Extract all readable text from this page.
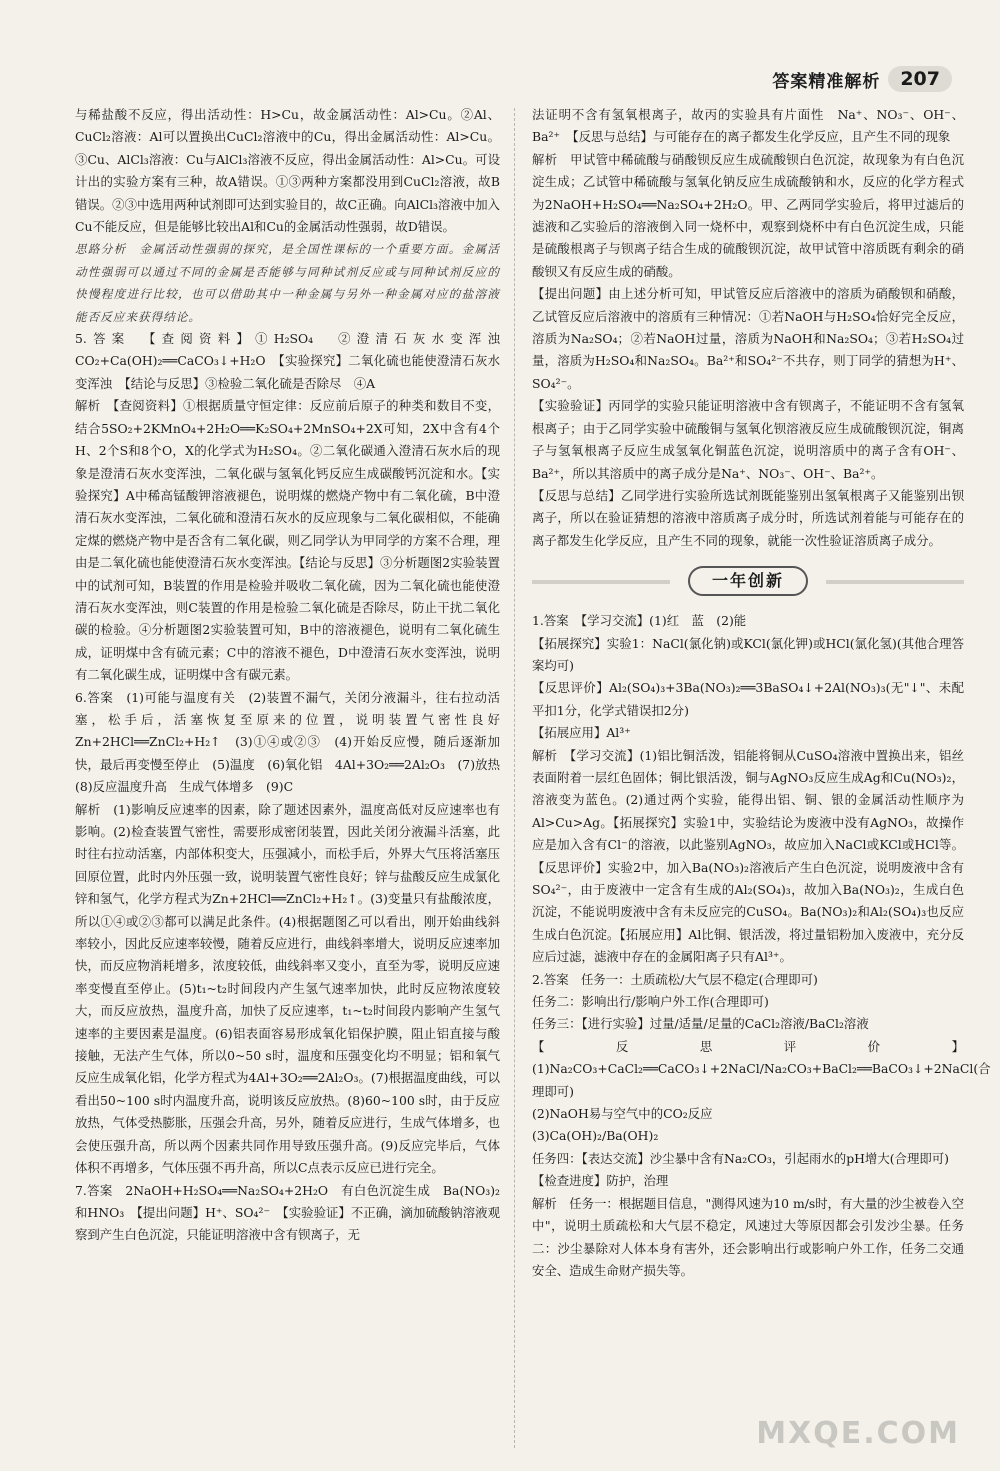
答案精准解析	207

与稀盐酸不反应，得出活动性：H>Cu，故金属活动性：Al>Cu。②Al、CuCl₂溶液：Al可以置换出CuCl₂溶液中的Cu，得出金属活动性：Al>Cu。③Cu、AlCl₃溶液：Cu与AlCl₃溶液不反应，得出金属活动性：Al>Cu。可设计出的实验方案有三种，故A错误。①③两种方案都没用到CuCl₂溶液，故B错误。②③中选用两种试剂即可达到实验目的，故C正确。向AlCl₃溶液中加入Cu不能反应，但是能够比较出Al和Cu的金属活动性强弱，故D错误。

思路分析　金属活动性强弱的探究，是全国性课标的一个重要方面。金属活动性强弱可以通过不同的金属是否能够与同种试剂反应或与同种试剂反应的快慢程度进行比较，也可以借助其中一种金属与另外一种金属对应的盐溶液能否反应来获得结论。

5.答案　【查阅资料】①H₂SO₄　②澄清石灰水变浑浊　CO₂+Ca(OH)₂══CaCO₃↓+H₂O　【实验探究】二氧化硫也能使澄清石灰水变浑浊　【结论与反思】③检验二氧化硫是否除尽　④A

解析　【查阅资料】①根据质量守恒定律：反应前后原子的种类和数目不变，结合5SO₂+2KMnO₄+2H₂O══K₂SO₄+2MnSO₄+2X可知，2X中含有4个H、2个S和8个O，X的化学式为H₂SO₄。②二氧化碳通入澄清石灰水后的现象是澄清石灰水变浑浊，二氧化碳与氢氧化钙反应生成碳酸钙沉淀和水。【实验探究】A中稀高锰酸钾溶液褪色，说明煤的燃烧产物中有二氧化硫，B中澄清石灰水变浑浊，二氧化硫和澄清石灰水的反应现象与二氧化碳相似，不能确定煤的燃烧产物中是否含有二氧化碳，则乙同学认为甲同学的方案不合理，理由是二氧化硫也能使澄清石灰水变浑浊。【结论与反思】③分析题图2实验装置中的试剂可知，B装置的作用是检验并吸收二氧化硫，因为二氧化硫也能使澄清石灰水变浑浊，则C装置的作用是检验二氧化硫是否除尽，防止干扰二氧化碳的检验。④分析题图2实验装置可知，B中的溶液褪色，说明有二氧化硫生成，证明煤中含有硫元素；C中的溶液不褪色，D中澄清石灰水变浑浊，说明有二氧化碳生成，证明煤中含有碳元素。

6.答案　(1)可能与温度有关　(2)装置不漏气，关闭分液漏斗，往右拉动活塞，松手后，活塞恢复至原来的位置，说明装置气密性良好　Zn+2HCl══ZnCl₂+H₂↑　(3)①④或②③　(4)开始反应慢，随后逐渐加快，最后再变慢至停止　(5)温度　(6)氧化铝　4Al+3O₂══2Al₂O₃　(7)放热　(8)反应温度升高　生成气体增多　(9)C

解析　(1)影响反应速率的因素，除了题述因素外，温度高低对反应速率也有影响。(2)检查装置气密性，需要形成密闭装置，因此关闭分液漏斗活塞，此时往右拉动活塞，内部体积变大，压强减小，而松手后，外界大气压将活塞压回原位置，此时内外压强一致，说明装置气密性良好；锌与盐酸反应生成氯化锌和氢气，化学方程式为Zn+2HCl══ZnCl₂+H₂↑。(3)变量只有盐酸浓度，所以①④或②③都可以满足此条件。(4)根据题图乙可以看出，刚开始曲线斜率较小，因此反应速率较慢，随着反应进行，曲线斜率增大，说明反应速率加快，而反应物消耗增多，浓度较低，曲线斜率又变小，直至为零，说明反应速率变慢直至停止。(5)t₁~t₂时间段内产生氢气速率加快，此时反应物浓度较大，而反应放热，温度升高，加快了反应速率，t₁~t₂时间段内影响产生氢气速率的主要因素是温度。(6)铝表面容易形成氧化铝保护膜，阻止铝直接与酸接触，无法产生气体，所以0~50 s时，温度和压强变化均不明显；铝和氧气反应生成氧化铝，化学方程式为4Al+3O₂══2Al₂O₃。(7)根据温度曲线，可以看出50~100 s时内温度升高，说明该反应放热。(8)60~100 s时，由于反应放热，气体受热膨胀，压强会升高，另外，随着反应进行，生成气体增多，也会使压强升高，所以两个因素共同作用导致压强升高。(9)反应完毕后，气体体积不再增多，气体压强不再升高，所以C点表示反应已进行完全。

7.答案　2NaOH+H₂SO₄══Na₂SO₄+2H₂O　有白色沉淀生成　Ba(NO₃)₂和HNO₃　【提出问题】H⁺、SO₄²⁻　【实验验证】不正确，滴加硫酸钠溶液观察到产生白色沉淀，只能证明溶液中含有钡离子，无

法证明不含有氢氧根离子，故丙的实验具有片面性　Na⁺、NO₃⁻、OH⁻、Ba²⁺　【反思与总结】与可能存在的离子都发生化学反应，且产生不同的现象

解析　甲试管中稀硫酸与硝酸钡反应生成硫酸钡白色沉淀，故现象为有白色沉淀生成；乙试管中稀硫酸与氢氧化钠反应生成硫酸钠和水，反应的化学方程式为2NaOH+H₂SO₄══Na₂SO₄+2H₂O。甲、乙两同学实验后，将甲过滤后的滤液和乙实验后的溶液倒入同一烧杯中，观察到烧杯中有白色沉淀生成，只能是硫酸根离子与钡离子结合生成的硫酸钡沉淀，故甲试管中溶质既有剩余的硝酸钡又有反应生成的硝酸。

【提出问题】由上述分析可知，甲试管反应后溶液中的溶质为硝酸钡和硝酸，乙试管反应后溶液中的溶质有三种情况：①若NaOH与H₂SO₄恰好完全反应，溶质为Na₂SO₄；②若NaOH过量，溶质为NaOH和Na₂SO₄；③若H₂SO₄过量，溶质为H₂SO₄和Na₂SO₄。Ba²⁺和SO₄²⁻不共存，则丁同学的猜想为H⁺、SO₄²⁻。

【实验验证】丙同学的实验只能证明溶液中含有钡离子，不能证明不含有氢氧根离子；由于乙同学实验中硫酸铜与氢氧化钡溶液反应生成硫酸钡沉淀，铜离子与氢氧根离子反应生成氢氧化铜蓝色沉淀，说明溶质中的离子含有OH⁻、Ba²⁺，所以其溶质中的离子成分是Na⁺、NO₃⁻、OH⁻、Ba²⁺。

【反思与总结】乙同学进行实验所选试剂既能鉴别出氢氧根离子又能鉴别出钡离子，所以在验证猜想的溶液中溶质离子成分时，所选试剂着能与可能存在的离子都发生化学反应，且产生不同的现象，就能一次性验证溶质离子成分。

一年创新

1.答案　【学习交流】(1)红　蓝　(2)能

【拓展探究】实验1：NaCl(氯化钠)或KCl(氯化钾)或HCl(氯化氢)(其他合理答案均可)

【反思评价】Al₂(SO₄)₃+3Ba(NO₃)₂══3BaSO₄↓+2Al(NO₃)₃(无"↓"、未配平扣1分，化学式错误扣2分)

【拓展应用】Al³⁺

解析　【学习交流】(1)铝比铜活泼，铝能将铜从CuSO₄溶液中置换出来，铝丝表面附着一层红色固体；铜比银活泼，铜与AgNO₃反应生成Ag和Cu(NO₃)₂，溶液变为蓝色。(2)通过两个实验，能得出铝、铜、银的金属活动性顺序为Al>Cu>Ag。【拓展探究】实验1中，实验结论为废液中没有AgNO₃，故操作应是加入含有Cl⁻的溶液，以此鉴别AgNO₃，故应加入NaCl或KCl或HCl等。【反思评价】实验2中，加入Ba(NO₃)₂溶液后产生白色沉淀，说明废液中含有SO₄²⁻，由于废液中一定含有生成的Al₂(SO₄)₃，故加入Ba(NO₃)₂，生成白色沉淀，不能说明废液中含有未反应完的CuSO₄。Ba(NO₃)₂和Al₂(SO₄)₃也反应生成白色沉淀。【拓展应用】Al比铜、银活泼，将过量铝粉加入废液中，充分反应后过滤，滤液中存在的金属阳离子只有Al³⁺。

2.答案　任务一：土质疏松/大气层不稳定(合理即可)

任务二：影响出行/影响户外工作(合理即可)

任务三：【进行实验】过量/适量/足量的CaCl₂溶液/BaCl₂溶液

【反思评价】(1)Na₂CO₃+CaCl₂══CaCO₃↓+2NaCl/Na₂CO₃+BaCl₂══BaCO₃↓+2NaCl(合理即可)

(2)NaOH易与空气中的CO₂反应

(3)Ca(OH)₂/Ba(OH)₂

任务四：【表达交流】沙尘暴中含有Na₂CO₃，引起雨水的pH增大(合理即可)

【检查进度】防护，治理

解析　任务一：根据题目信息，"测得风速为10 m/s时，有大量的沙尘被卷入空中"，说明土质疏松和大气层不稳定，风速过大等原因都会引发沙尘暴。任务二：沙尘暴除对人体本身有害外，还会影响出行或影响户外工作，任务二交通安全、造成生命财产损失等。

MXQE.COM
